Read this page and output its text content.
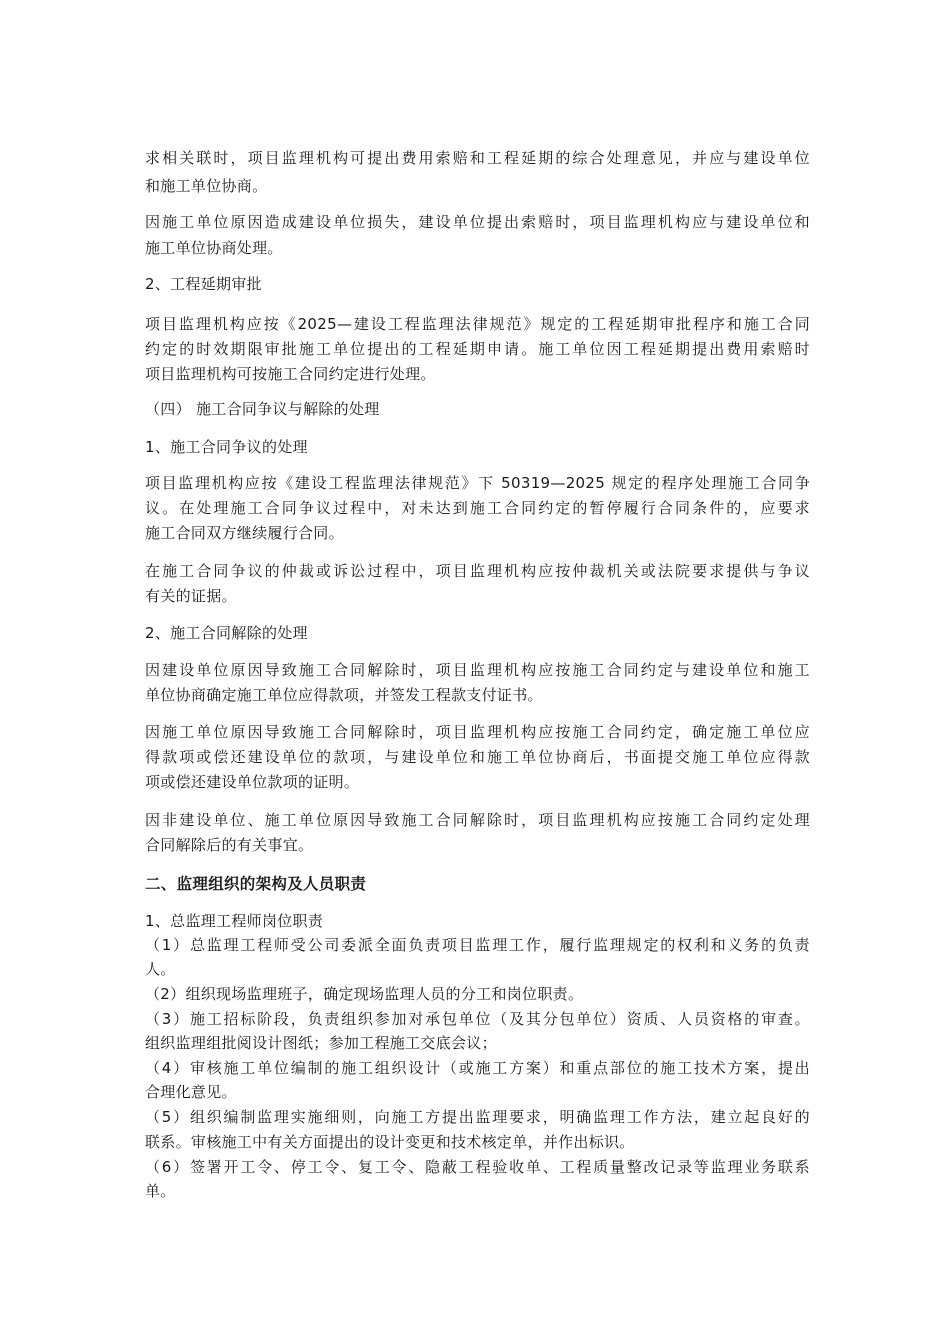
求相关联时，项目监理机构可提出费用索赔和工程延期的综合处理意见，并应与建设单位
和施工单位协商。
因施工单位原因造成建设单位损失，建设单位提出索赔时，项目监理机构应与建设单位和
施工单位协商处理。
2、工程延期审批
项目监理机构应按《2025—建设工程监理法律规范》规定的工程延期审批程序和施工合同
约定的时效期限审批施工单位提出的工程延期申请。施工单位因工程延期提出费用索赔时
项目监理机构可按施工合同约定进行处理。
（四） 施工合同争议与解除的处理
1、施工合同争议的处理
项目监理机构应按《建设工程监理法律规范》下 50319—2025 规定的程序处理施工合同争
议。在处理施工合同争议过程中，对未达到施工合同约定的暂停履行合同条件的，应要求
施工合同双方继续履行合同。
在施工合同争议的仲裁或诉讼过程中，项目监理机构应按仲裁机关或法院要求提供与争议
有关的证据。
2、施工合同解除的处理
因建设单位原因导致施工合同解除时，项目监理机构应按施工合同约定与建设单位和施工
单位协商确定施工单位应得款项，并签发工程款支付证书。
因施工单位原因导致施工合同解除时，项目监理机构应按施工合同约定，确定施工单位应
得款项或偿还建设单位的款项，与建设单位和施工单位协商后，书面提交施工单位应得款
项或偿还建设单位款项的证明。
因非建设单位、施工单位原因导致施工合同解除时，项目监理机构应按施工合同约定处理
合同解除后的有关事宜。
二、监理组织的架构及人员职责
1、总监理工程师岗位职责
（1）总监理工程师受公司委派全面负责项目监理工作，履行监理规定的权利和义务的负责
人。
（2）组织现场监理班子，确定现场监理人员的分工和岗位职责。
（3）施工招标阶段，负责组织参加对承包单位（及其分包单位）资质、人员资格的审查。
组织监理组批阅设计图纸；参加工程施工交底会议；
（4）审核施工单位编制的施工组织设计（或施工方案）和重点部位的施工技术方案，提出
合理化意见。
（5）组织编制监理实施细则，向施工方提出监理要求，明确监理工作方法，建立起良好的
联系。审核施工中有关方面提出的设计变更和技术核定单，并作出标识。
（6）签署开工令、停工令、复工令、隐蔽工程验收单、工程质量整改记录等监理业务联系
单。
